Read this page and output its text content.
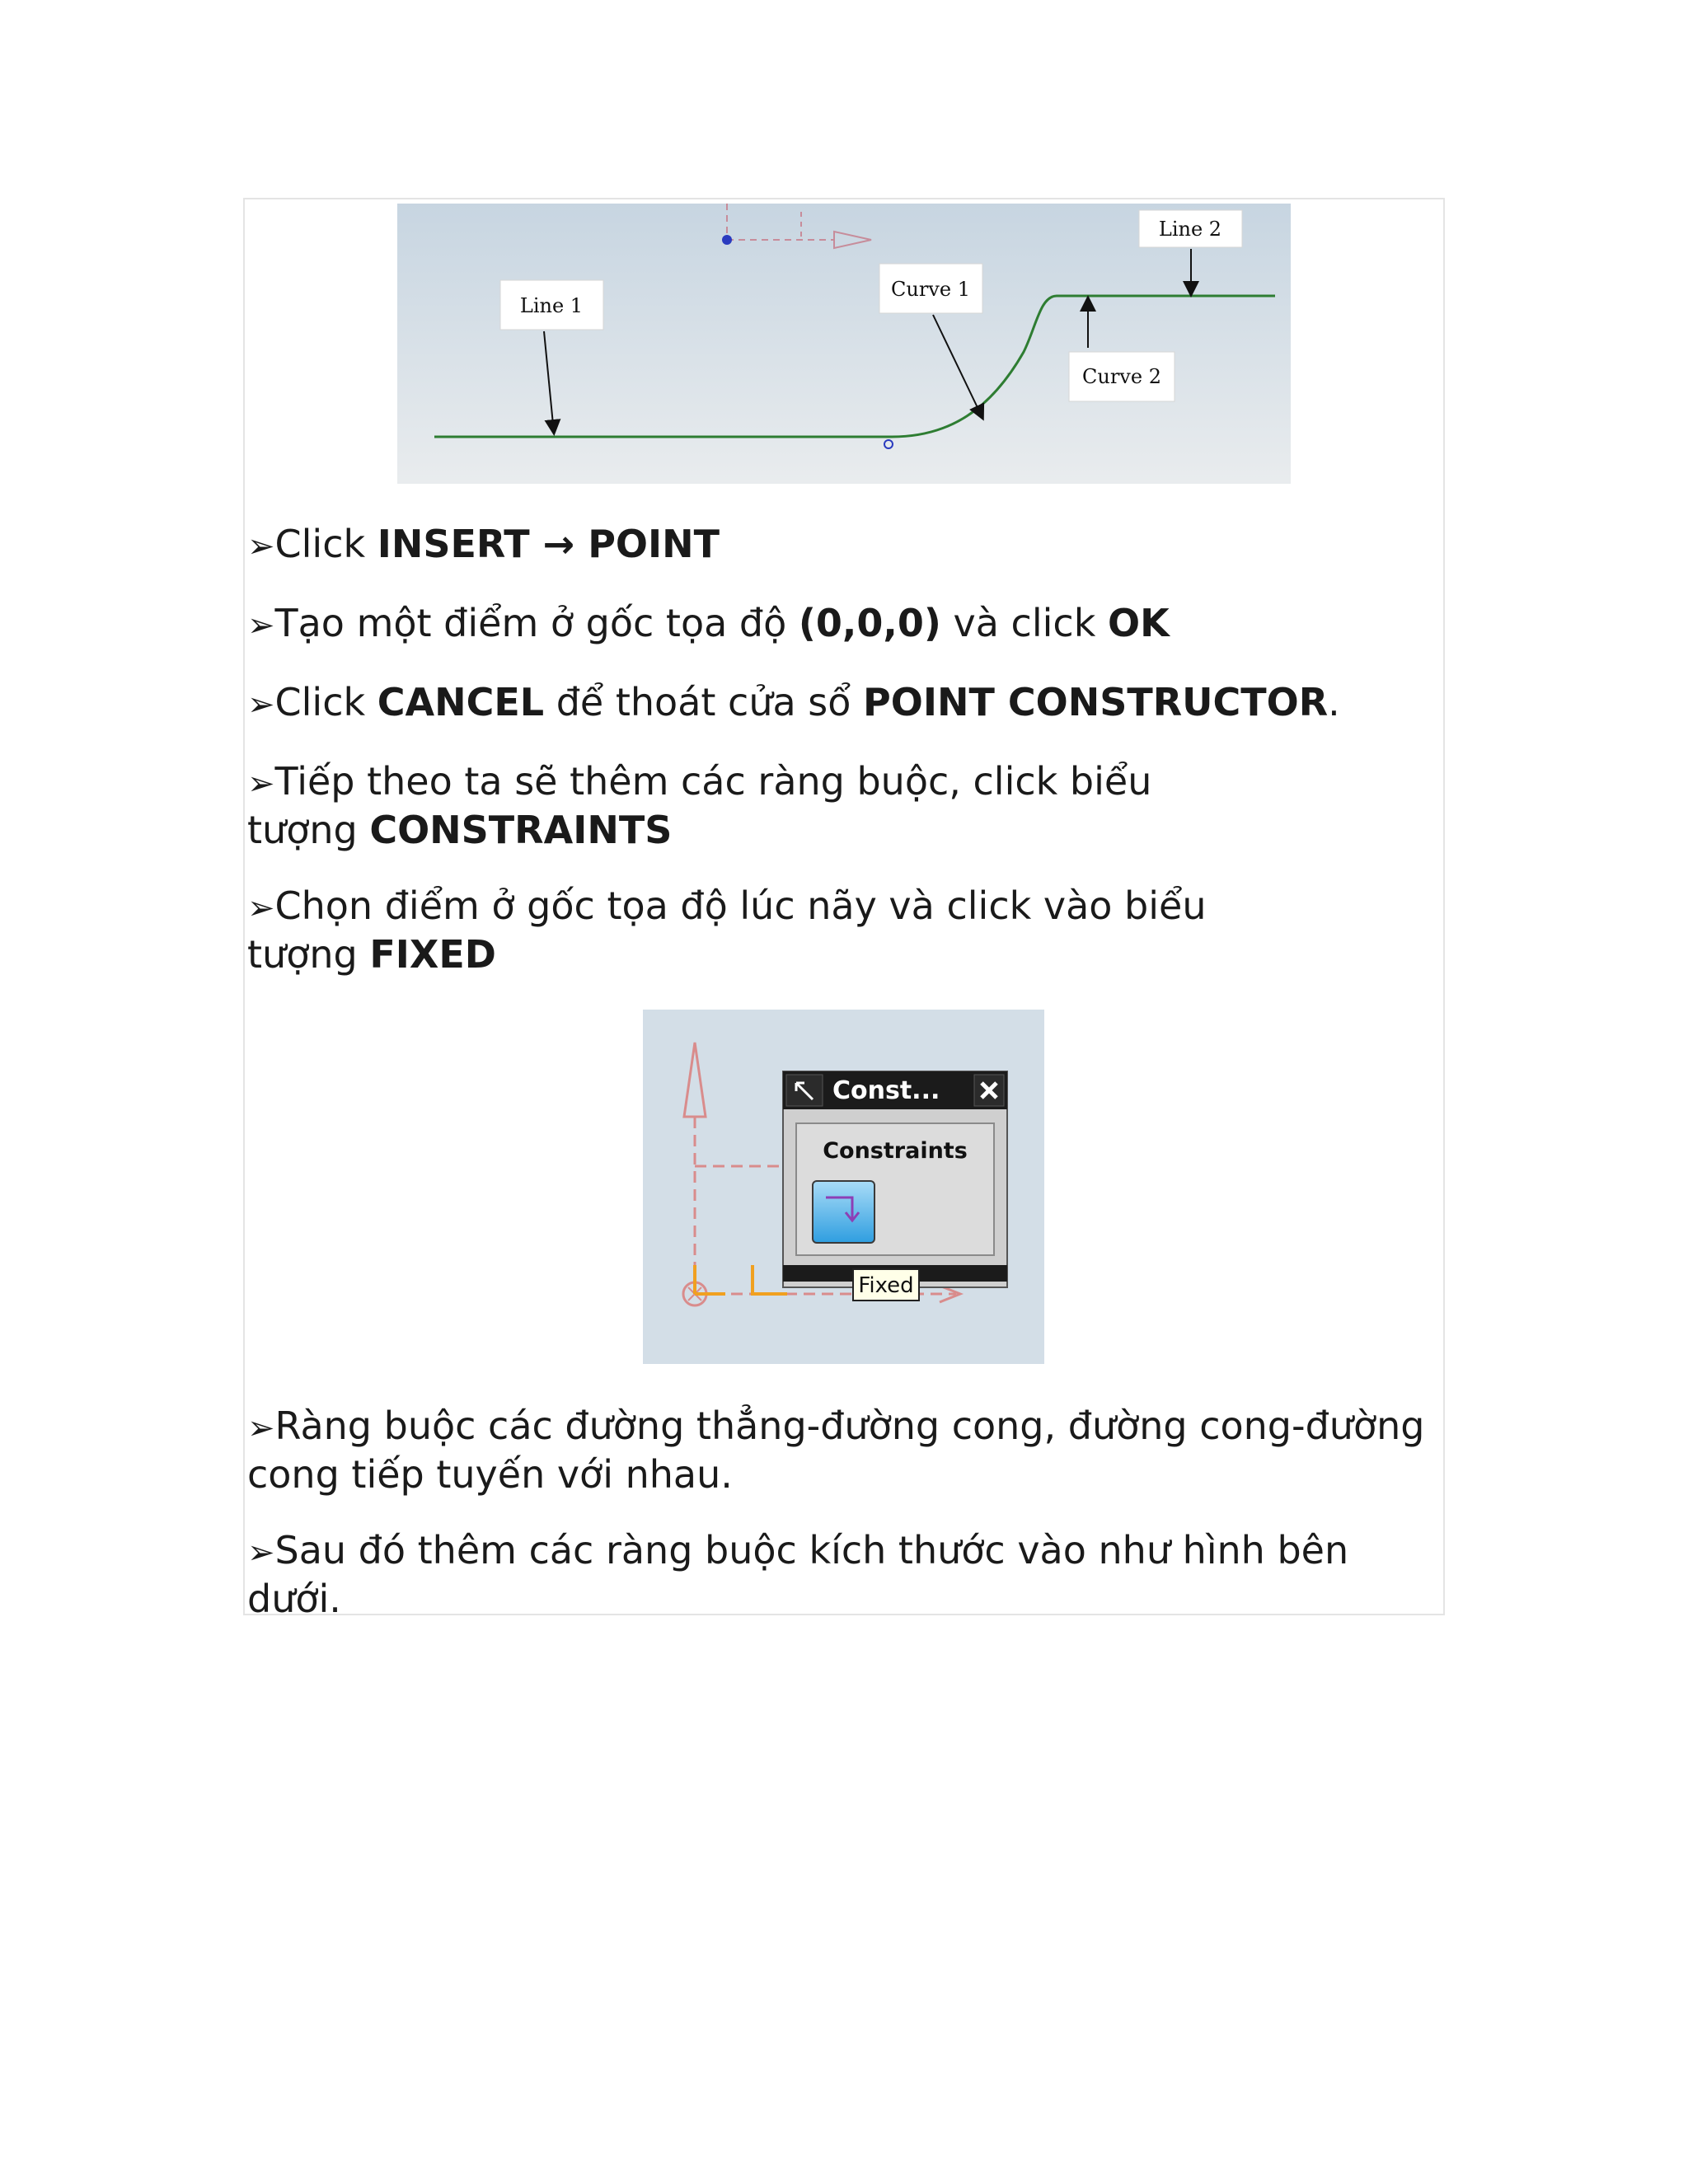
Line 1
Curve 1
Line 2
Curve 2

➢Click INSERT → POINT

➢Tạo một điểm ở gốc tọa độ (0,0,0) và click OK

➢Click CANCEL để thoát cửa sổ POINT CONSTRUCTOR.

➢Tiếp theo ta sẽ thêm các ràng buộc, click biểu
tượng CONSTRAINTS

➢Chọn điểm ở gốc tọa độ lúc nãy và click vào biểu
tượng FIXED

Const...
Constraints
Fixed

➢Ràng buộc các đường thẳng-đường cong, đường cong-đường
cong tiếp tuyến với nhau.

➢Sau đó thêm các ràng buộc kích thước vào như hình bên
dưới.
